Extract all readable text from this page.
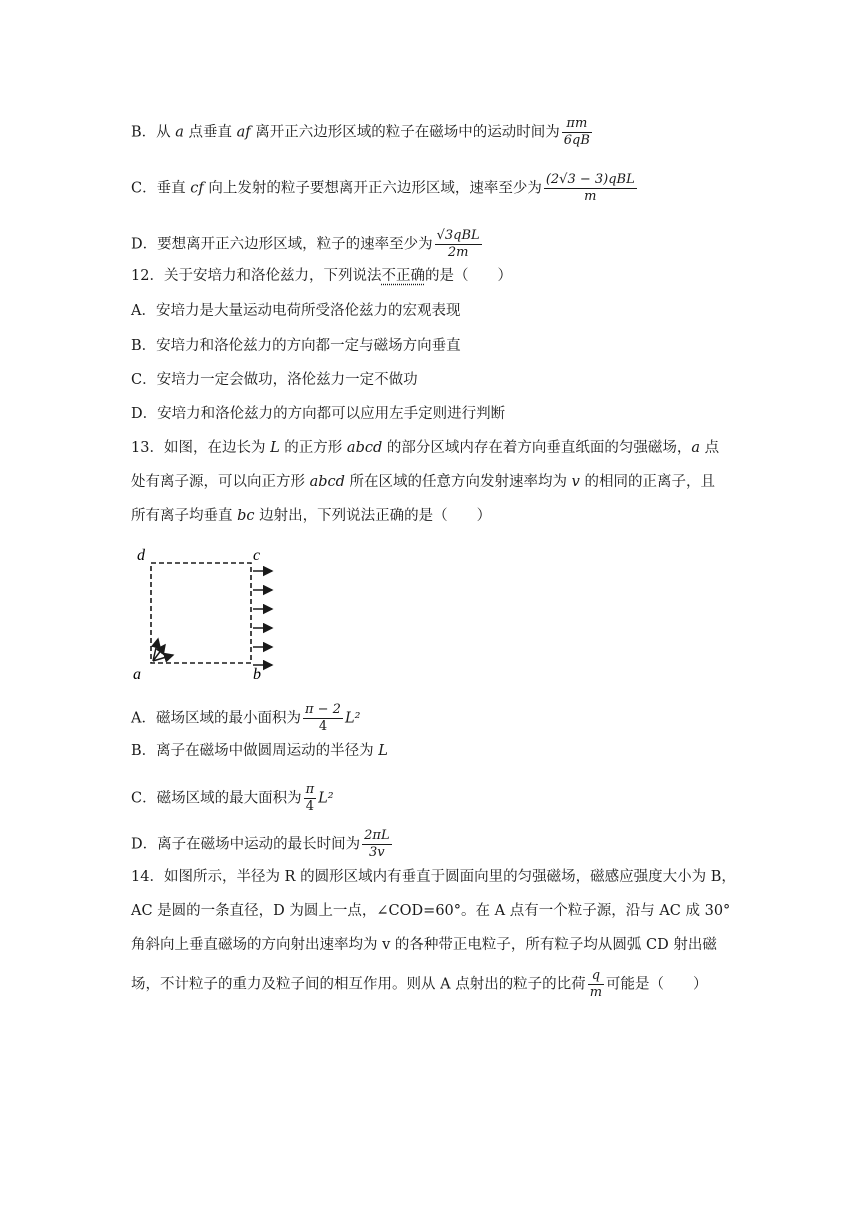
B．从 a 点垂直 af 离开正六边形区域的粒子在磁场中的运动时间为 $\frac{\pi m}{6qB}$
C．垂直 cf 向上发射的粒子要想离开正六边形区域，速率至少为 $\frac{\text{(2√3 − 3)qBL}}{m}$
D．要想离开正六边形区域，粒子的速率至少为 $\frac{\text{√3qBL}}{2m}$
12．关于安培力和洛伦兹力，下列说法不正确的是（　　）
A．安培力是大量运动电荷所受洛伦兹力的宏观表现
B．安培力和洛伦兹力的方向都一定与磁场方向垂直
C．安培力一定会做功，洛伦兹力一定不做功
D．安培力和洛伦兹力的方向都可以应用左手定则进行判断
13．如图，在边长为 L 的正方形 abcd 的部分区域内存在着方向垂直纸面的匀强磁场，a 点
处有离子源，可以向正方形 abcd 所在区域的任意方向发射速率均为 v 的相同的正离子，且
所有离子均垂直 bc 边射出，下列说法正确的是（　　）
d	c
a	b
A．磁场区域的最小面积为 $\frac{\pi - 2}{4} L^2$
B．离子在磁场中做圆周运动的半径为 L
C．磁场区域的最大面积为 $\frac{\pi}{4} L^2$
D．离子在磁场中运动的最长时间为 $\frac{2\pi L}{3v}$
14．如图所示，半径为 R 的圆形区域内有垂直于圆面向里的匀强磁场，磁感应强度大小为 B，
AC 是圆的一条直径，D 为圆上一点，∠COD=60°。在 A 点有一个粒子源，沿与 AC 成 30°
角斜向上垂直磁场的方向射出速率均为 v 的各种带正电粒子，所有粒子均从圆弧 CD 射出磁
场，不计粒子的重力及粒子间的相互作用。则从 A 点射出的粒子的比荷 $\frac{q}{m}$ 可能是（　　）
